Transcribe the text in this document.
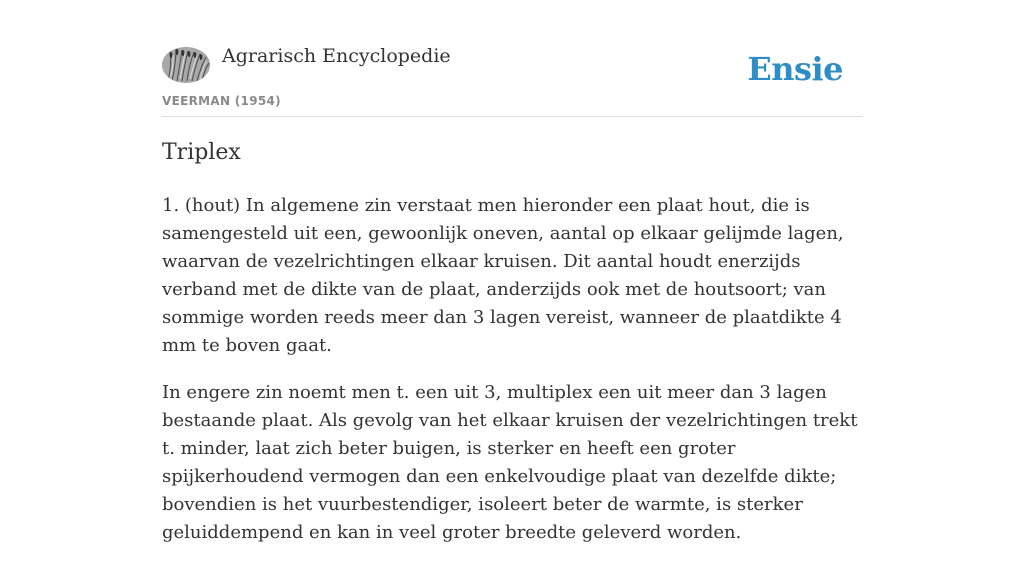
Agrarisch Encyclopedie
VEERMAN (1954)
Ensie
Triplex

1. (hout) In algemene zin verstaat men hieronder een plaat hout, die is samengesteld uit een, gewoonlijk oneven, aantal op elkaar gelijmde lagen, waarvan de vezelrichtingen elkaar kruisen. Dit aantal houdt enerzijds verband met de dikte van de plaat, anderzijds ook met de houtsoort; van sommige worden reeds meer dan 3 lagen vereist, wanneer de plaatdikte 4 mm te boven gaat.

In engere zin noemt men t. een uit 3, multiplex een uit meer dan 3 lagen bestaande plaat. Als gevolg van het elkaar kruisen der vezelrichtingen trekt t. minder, laat zich beter buigen, is sterker en heeft een groter spijkerhoudend vermogen dan een enkelvoudige plaat van dezelfde dikte; bovendien is het vuurbestendiger, isoleert beter de warmte, is sterker geluiddempend en kan in veel groter breedte geleverd worden.
